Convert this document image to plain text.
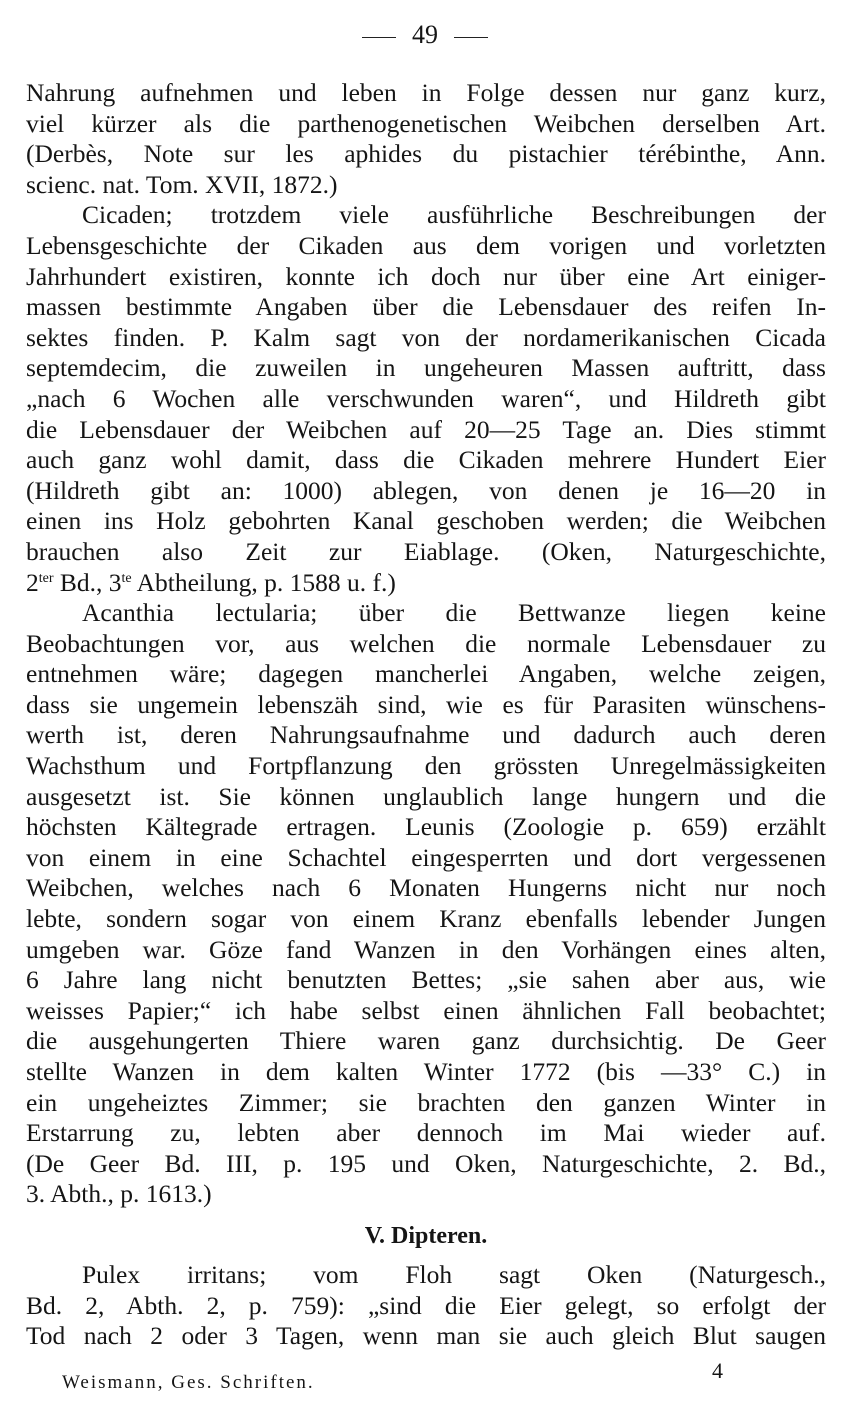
49

Nahrung aufnehmen und leben in Folge dessen nur ganz kurz,
viel kürzer als die parthenogenetischen Weibchen derselben Art.
(Derbès, Note sur les aphides du pistachier térébinthe, Ann.
scienc. nat. Tom. XVII, 1872.)

Cicaden; trotzdem viele ausführliche Beschreibungen der
Lebensgeschichte der Cikaden aus dem vorigen und vorletzten
Jahrhundert existiren, konnte ich doch nur über eine Art einiger-
massen bestimmte Angaben über die Lebensdauer des reifen In-
sektes finden. P. Kalm sagt von der nordamerikanischen Cicada
septemdecim, die zuweilen in ungeheuren Massen auftritt, dass
„nach 6 Wochen alle verschwunden waren“, und Hildreth gibt
die Lebensdauer der Weibchen auf 20—25 Tage an. Dies stimmt
auch ganz wohl damit, dass die Cikaden mehrere Hundert Eier
(Hildreth gibt an: 1000) ablegen, von denen je 16—20 in
einen ins Holz gebohrten Kanal geschoben werden; die Weibchen
brauchen also Zeit zur Eiablage. (Oken, Naturgeschichte,
$2^{ter}$ Bd., $3^{te}$ Abtheilung, p. 1588 u. f.)

Acanthia lectularia; über die Bettwanze liegen keine
Beobachtungen vor, aus welchen die normale Lebensdauer zu
entnehmen wäre; dagegen mancherlei Angaben, welche zeigen,
dass sie ungemein lebenszäh sind, wie es für Parasiten wünschens-
werth ist, deren Nahrungsaufnahme und dadurch auch deren
Wachsthum und Fortpflanzung den grössten Unregelmässigkeiten
ausgesetzt ist. Sie können unglaublich lange hungern und die
höchsten Kältegrade ertragen. Leunis (Zoologie p. 659) erzählt
von einem in eine Schachtel eingesperrten und dort vergessenen
Weibchen, welches nach 6 Monaten Hungerns nicht nur noch
lebte, sondern sogar von einem Kranz ebenfalls lebender Jungen
umgeben war. Göze fand Wanzen in den Vorhängen eines alten,
6 Jahre lang nicht benutzten Bettes; „sie sahen aber aus, wie
weisses Papier;“ ich habe selbst einen ähnlichen Fall beobachtet;
die ausgehungerten Thiere waren ganz durchsichtig. De Geer
stellte Wanzen in dem kalten Winter 1772 (bis —33° C.) in
ein ungeheiztes Zimmer; sie brachten den ganzen Winter in
Erstarrung zu, lebten aber dennoch im Mai wieder auf.
(De Geer Bd. III, p. 195 und Oken, Naturgeschichte, 2. Bd.,
3. Abth., p. 1613.)

V. Dipteren.

Pulex irritans; vom Floh sagt Oken (Naturgesch.,
Bd. 2, Abth. 2, p. 759): „sind die Eier gelegt, so erfolgt der
Tod nach 2 oder 3 Tagen, wenn man sie auch gleich Blut saugen

Weismann, Ges. Schriften.	4
